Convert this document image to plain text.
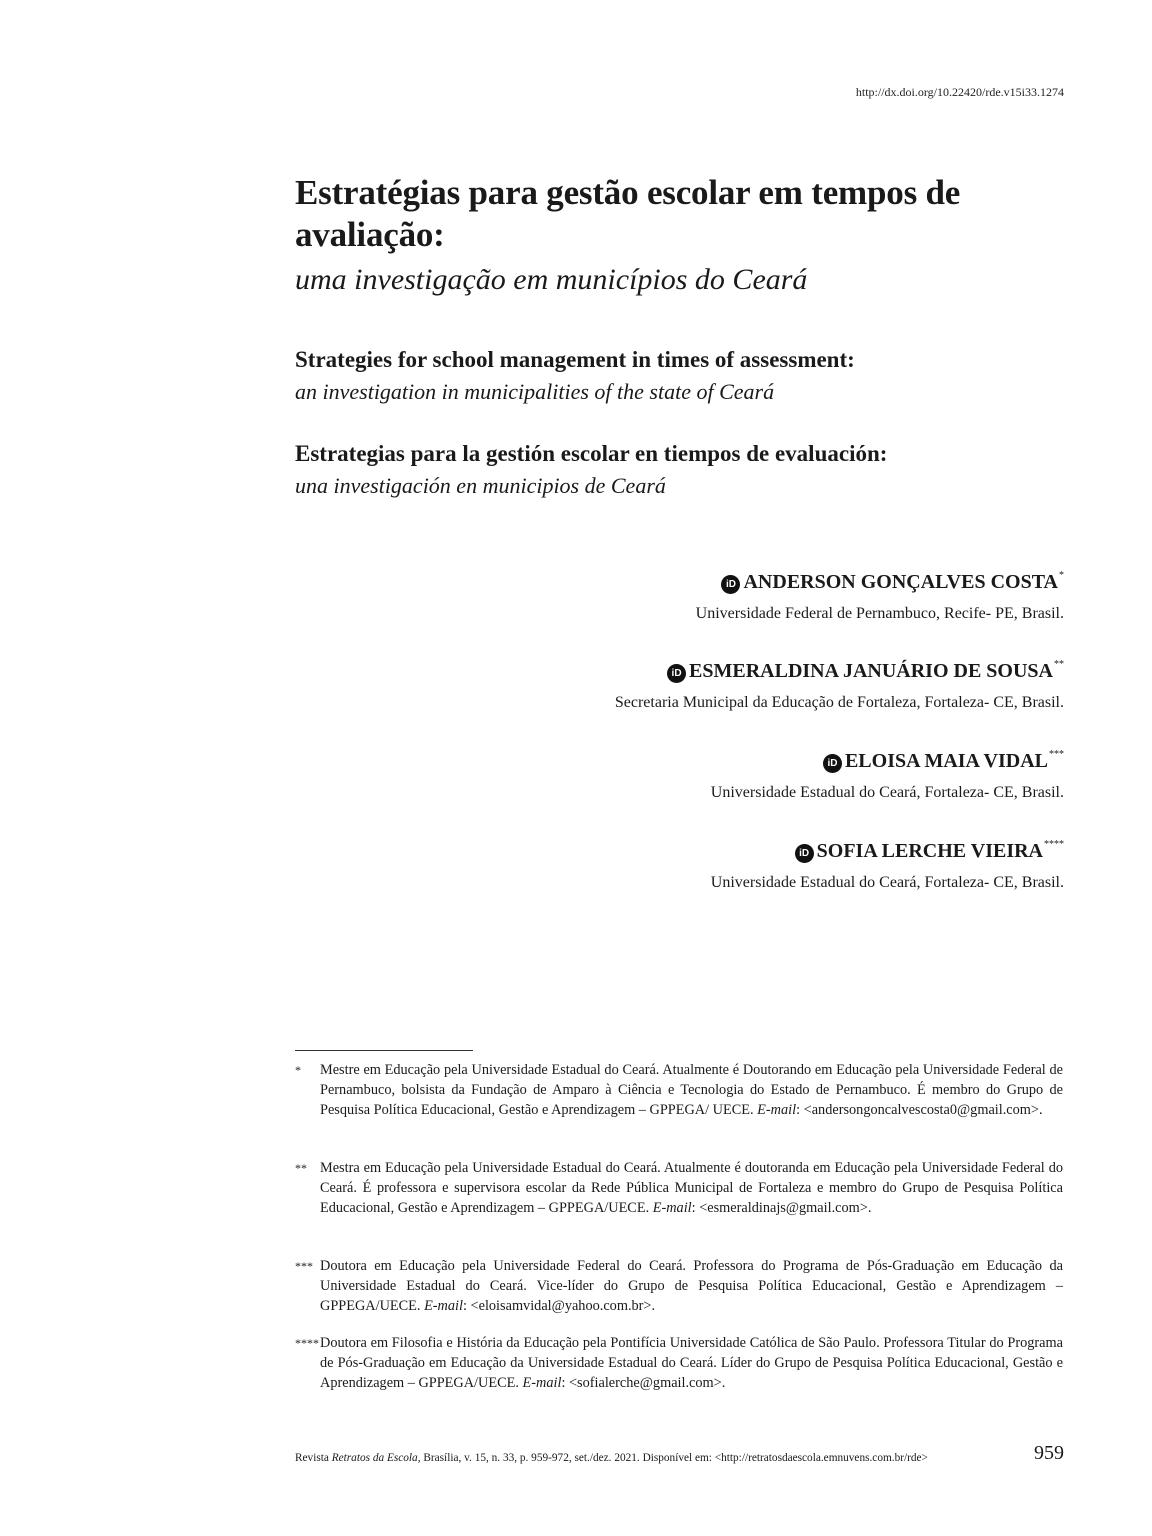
http://dx.doi.org/10.22420/rde.v15i33.1274
Estratégias para gestão escolar em tempos de avaliação:
uma investigação em municípios do Ceará
Strategies for school management in times of assessment:
an investigation in municipalities of the state of Ceará
Estrategias para la gestión escolar en tiempos de evaluación:
una investigación en municipios de Ceará
iD ANDERSON GONÇALVES COSTA*
Universidade Federal de Pernambuco, Recife- PE, Brasil.
iD ESMERALDINA JANUÁRIO DE SOUSA**
Secretaria Municipal da Educação de Fortaleza, Fortaleza- CE, Brasil.
iD ELOISA MAIA VIDAL***
Universidade Estadual do Ceará, Fortaleza- CE, Brasil.
iD SOFIA LERCHE VIEIRA****
Universidade Estadual do Ceará, Fortaleza- CE, Brasil.
* Mestre em Educação pela Universidade Estadual do Ceará. Atualmente é Doutorando em Educação pela Universidade Federal de Pernambuco, bolsista da Fundação de Amparo à Ciência e Tecnologia do Estado de Pernambuco. É membro do Grupo de Pesquisa Política Educacional, Gestão e Aprendizagem – GPPEGA/ UECE. E-mail: <andersongoncalvescosta0@gmail.com>.
** Mestra em Educação pela Universidade Estadual do Ceará. Atualmente é doutoranda em Educação pela Universidade Federal do Ceará. É professora e supervisora escolar da Rede Pública Municipal de Fortaleza e membro do Grupo de Pesquisa Política Educacional, Gestão e Aprendizagem – GPPEGA/UECE. E-mail: <esmeraldinajs@gmail.com>.
*** Doutora em Educação pela Universidade Federal do Ceará. Professora do Programa de Pós-Graduação em Educação da Universidade Estadual do Ceará. Vice-líder do Grupo de Pesquisa Política Educacional, Gestão e Aprendizagem – GPPEGA/UECE. E-mail: <eloisamvidal@yahoo.com.br>.
**** Doutora em Filosofia e História da Educação pela Pontifícia Universidade Católica de São Paulo. Professora Titular do Programa de Pós-Graduação em Educação da Universidade Estadual do Ceará. Líder do Grupo de Pesquisa Política Educacional, Gestão e Aprendizagem – GPPEGA/UECE. E-mail: <sofialerche@gmail.com>.
Revista Retratos da Escola, Brasília, v. 15, n. 33, p. 959-972, set./dez. 2021. Disponível em: <http://retratosdaescola.emnuvens.com.br/rde>	959
